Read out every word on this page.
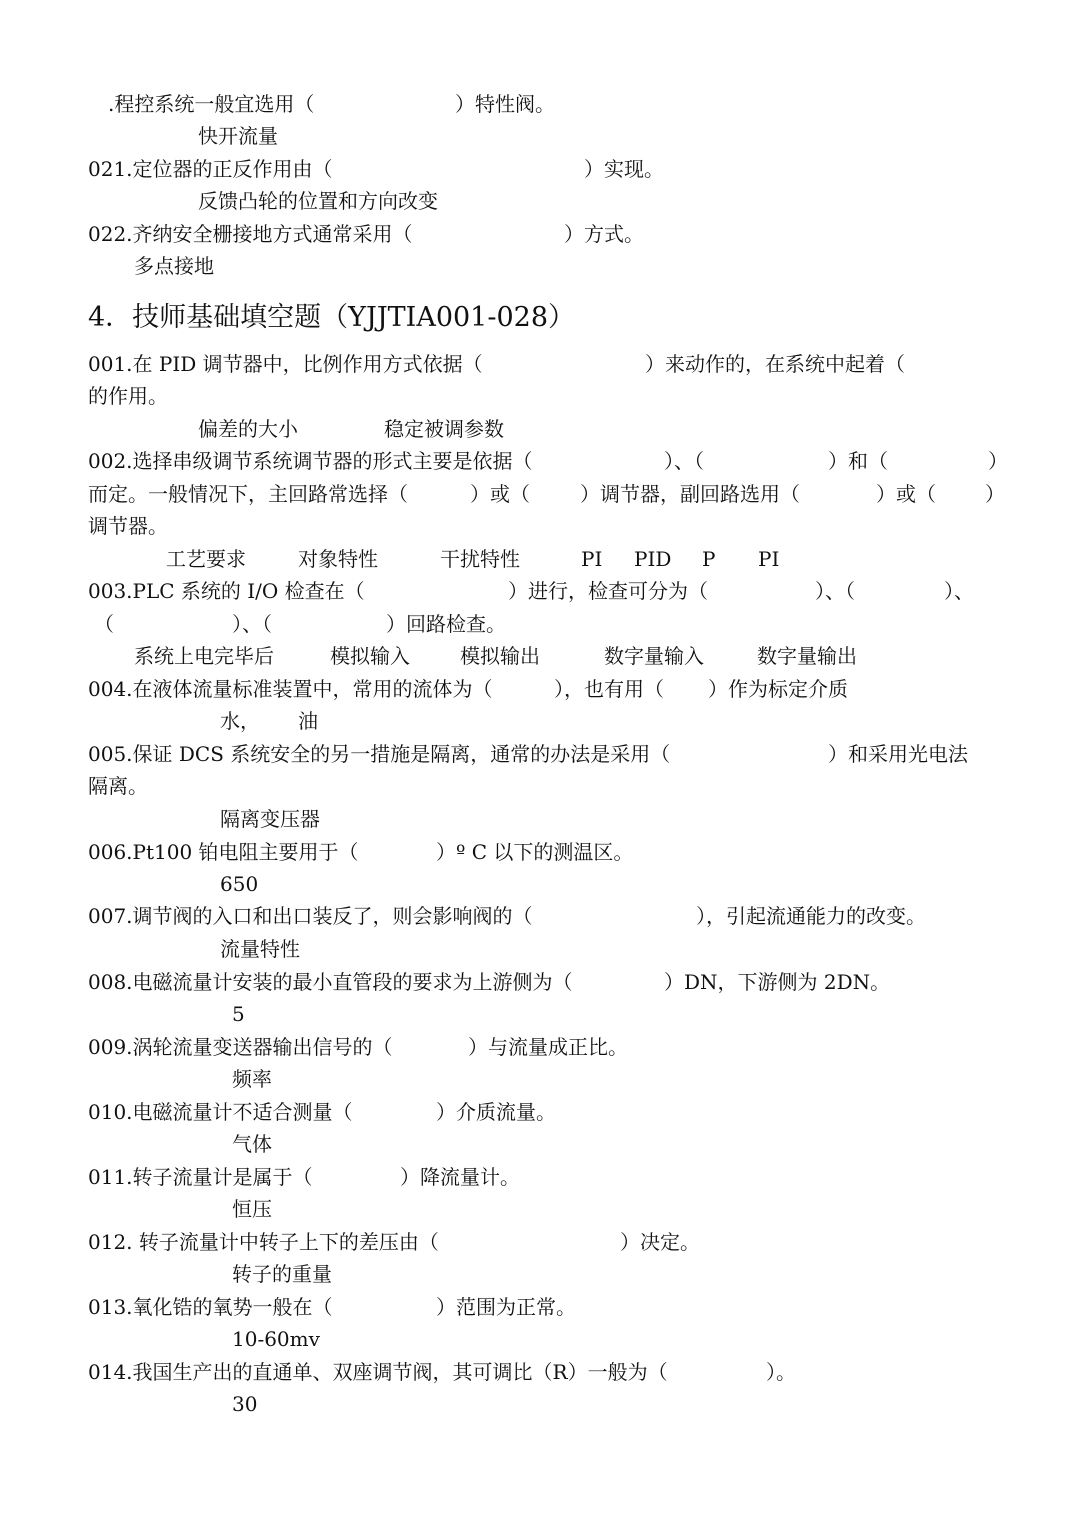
.程控系统一般宜选用（

	）特性阀。

快开流量

021.定位器的正反作用由（

	）实现。

反馈凸轮的位置和方向改变

022.齐纳安全栅接地方式通常采用（

	）方式。

多点接地

4．技师基础填空题（YJJTIA001-028）

001.在 PID 调节器中，比例作用方式依据（

	）来动作的，在系统中起着（

的作用。

偏差的大小

	稳定被调参数

002.选择串级调节系统调节器的形式主要是依据（

	）、（

	）和（

	）

而定。一般情况下，主回路常选择（

	）或（

	）调节器，副回路选用（

	）或（

）

调节器。

工艺要求

	对象特性

	干扰特性

	PI

PID

P

PI

003.PLC 系统的 I/O 检查在（

	）进行，检查可分为（

	）、（

	）、

（

	）、（

	）回路检查。

系统上电完毕后

	模拟输入

	模拟输出

	数字量输入

	数字量输出

004.在液体流量标准装置中，常用的流体为（

	），也有用（

）作为标定介质

水，

油

005.保证 DCS 系统安全的另一措施是隔离，通常的办法是采用（

	）和采用光电法

隔离。

隔离变压器

006.Pt100 铂电阻主要用于（

	）º C 以下的测温区。

650

007.调节阀的入口和出口装反了，则会影响阀的（

	），引起流通能力的改变。

流量特性

008.电磁流量计安装的最小直管段的要求为上游侧为（

	）DN，下游侧为 2DN。

5

009.涡轮流量变送器输出信号的（

	）与流量成正比。

频率

010.电磁流量计不适合测量（

	）介质流量。

气体

011.转子流量计是属于（

	）降流量计。

恒压

012. 转子流量计中转子上下的差压由（

	）决定。

转子的重量

013.氧化锆的氧势一般在（

	）范围为正常。

10-60mv

014.我国生产出的直通单、双座调节阀，其可调比（R）一般为（

	）。

30
